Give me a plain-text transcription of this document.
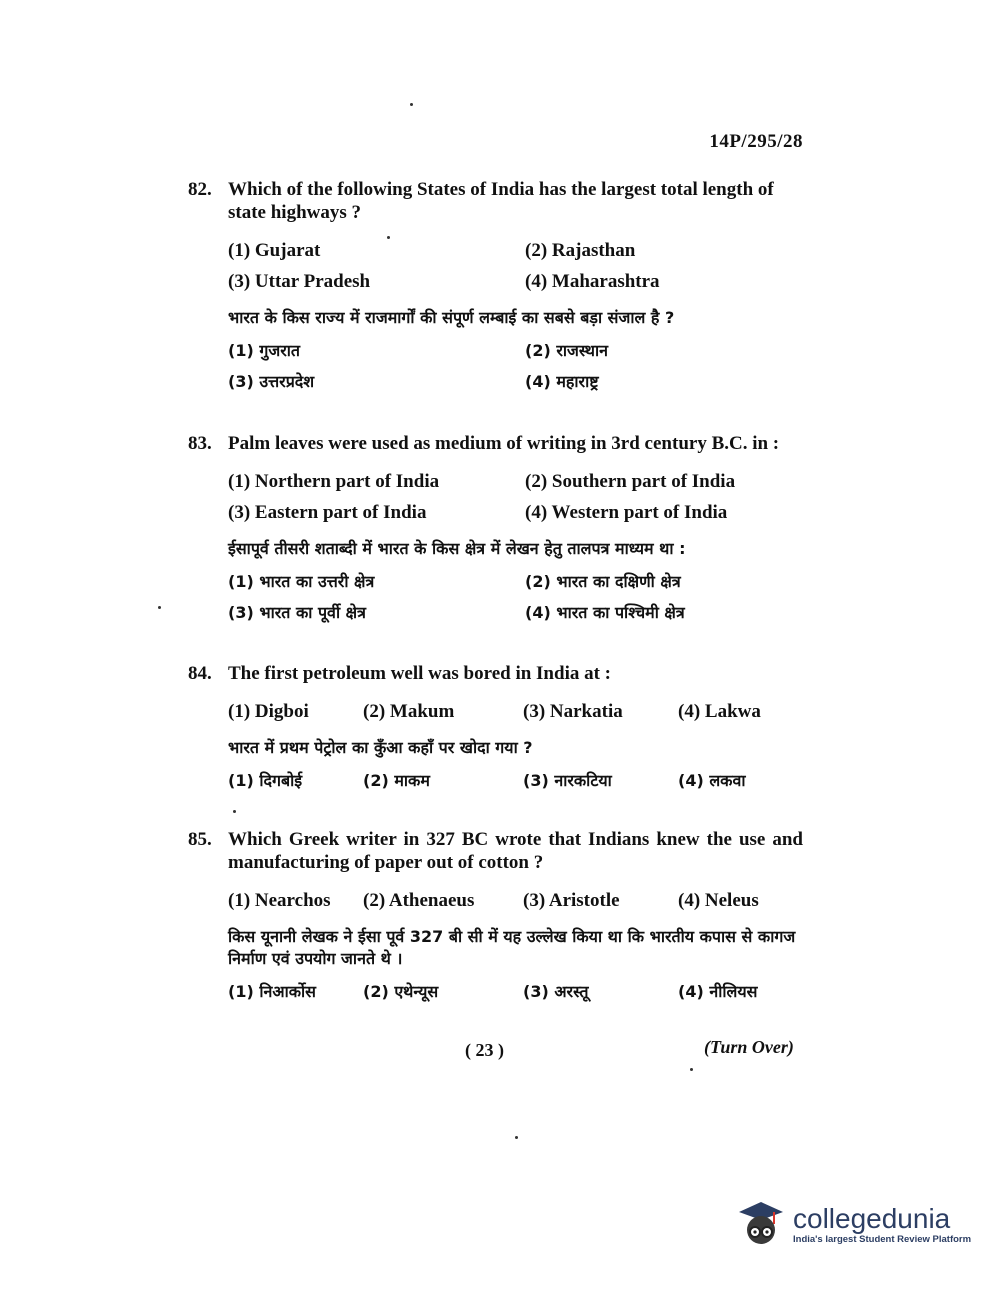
14P/295/28
82. Which of the following States of India has the largest total length of state highways ?
(1) Gujarat	(2) Rajasthan
(3) Uttar Pradesh	(4) Maharashtra
भारत के किस राज्य में राजमार्गों की संपूर्ण लम्बाई का सबसे बड़ा संजाल है ?
(1) गुजरात	(2) राजस्थान
(3) उत्तरप्रदेश	(4) महाराष्ट्र
83. Palm leaves were used as medium of writing in 3rd century B.C. in :
(1) Northern part of India	(2) Southern part of India
(3) Eastern part of India	(4) Western part of India
ईसापूर्व तीसरी शताब्दी में भारत के किस क्षेत्र में लेखन हेतु तालपत्र माध्यम था :
(1) भारत का उत्तरी क्षेत्र	(2) भारत का दक्षिणी क्षेत्र
(3) भारत का पूर्वी क्षेत्र	(4) भारत का पश्चिमी क्षेत्र
84. The first petroleum well was bored in India at :
(1) Digboi	(2) Makum	(3) Narkatia	(4) Lakwa
भारत में प्रथम पेट्रोल का कुँआ कहाँ पर खोदा गया ?
(1) दिगबोई	(2) माकम	(3) नारकटिया	(4) लकवा
85. Which Greek writer in 327 BC wrote that Indians knew the use and manufacturing of paper out of cotton ?
(1) Nearchos	(2) Athenaeus	(3) Aristotle	(4) Neleus
किस यूनानी लेखक ने ईसा पूर्व 327 बी सी में यह उल्लेख किया था कि भारतीय कपास से कागज निर्माण एवं उपयोग जानते थे ।
(1) निआर्कोस	(2) एथेन्यूस	(3) अरस्तू	(4) नीलियस
( 23 )	(Turn Over)
collegedunia
India's largest Student Review Platform
